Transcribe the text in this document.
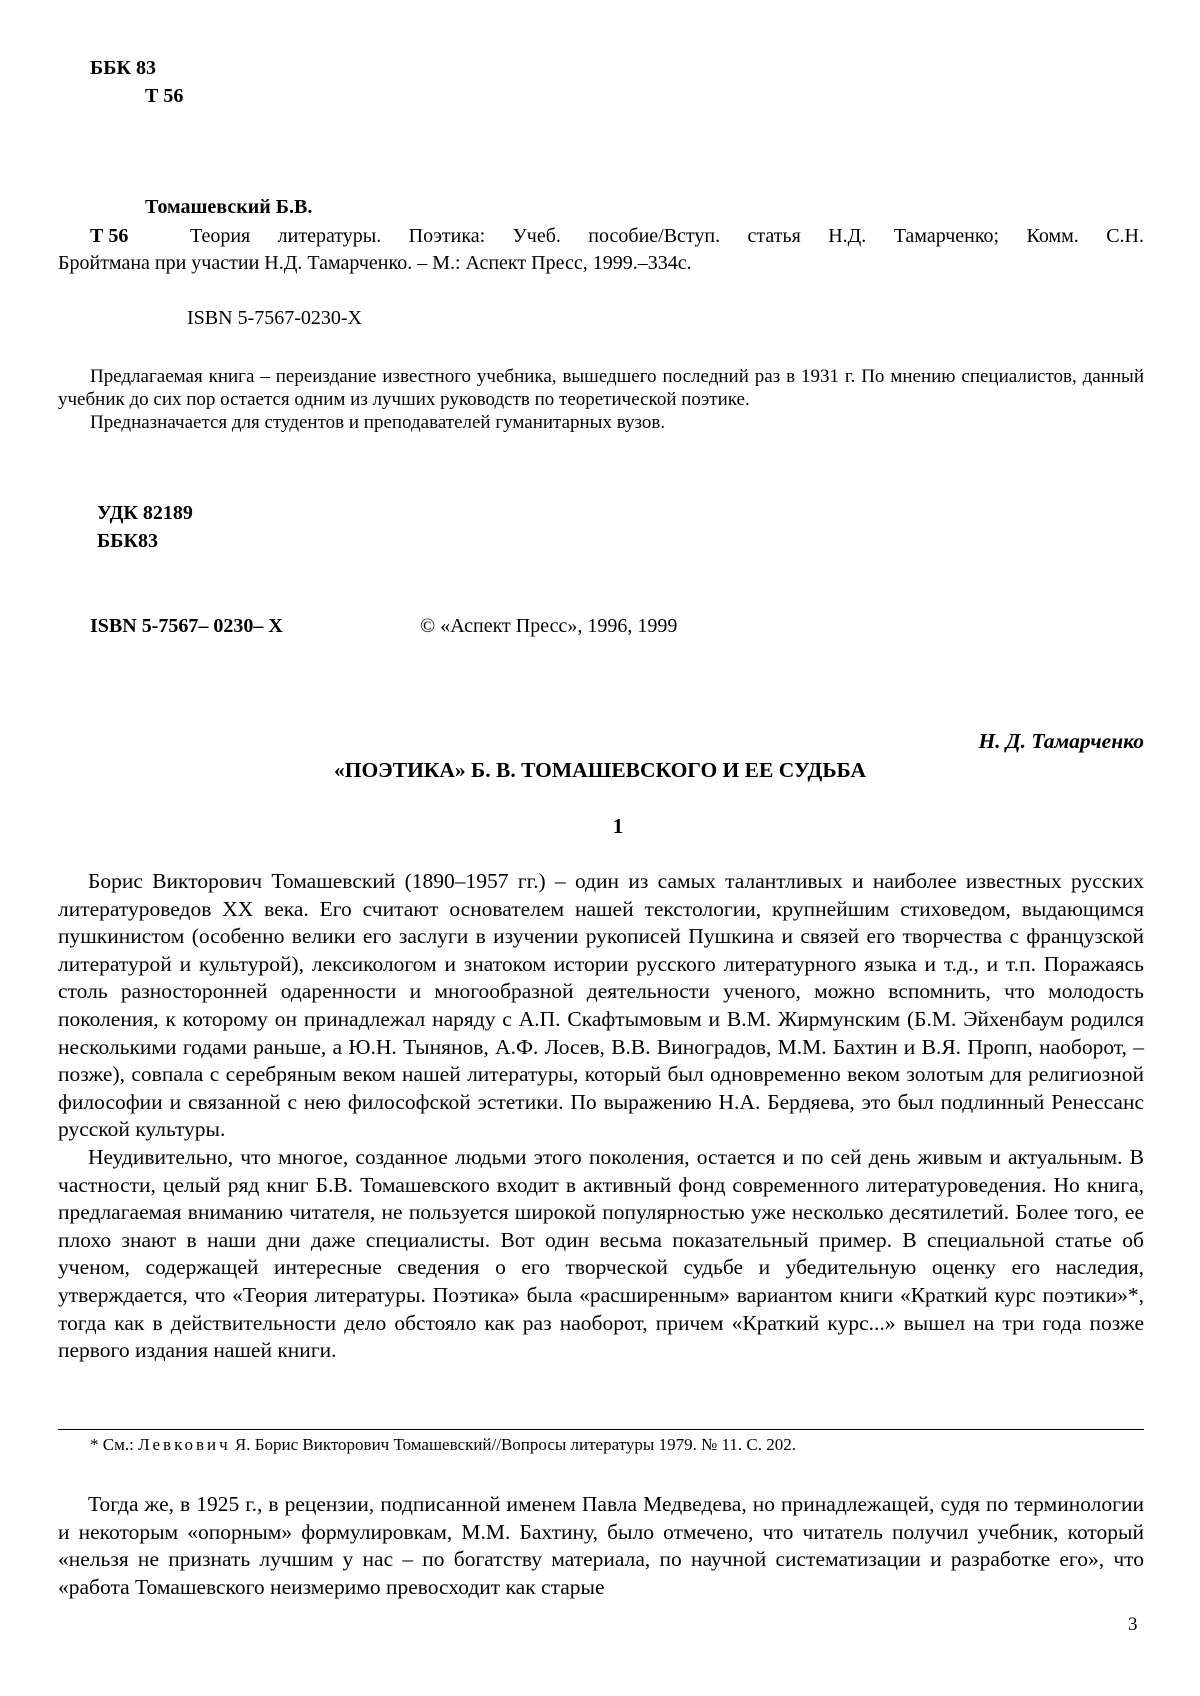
ББК 83
Т 56
Томашевский Б.В.
Т 56	Теория литературы. Поэтика: Учеб. пособие/Вступ. статья Н.Д. Тамарченко; Комм. С.Н.
Бройтмана при участии Н.Д. Тамарченко. – М.: Аспект Пресс, 1999.–334с.
ISBN 5-7567-0230-X

Предлагаемая книга – переиздание известного учебника, вышедшего последний раз в 1931 г. По мнению специалистов, данный учебник до сих пор остается одним из лучших руководств по теоретической поэтике.

Предназначается для студентов и преподавателей гуманитарных вузов.

УДК 82189
ББК83
ISBN 5-7567– 0230– X	© «Аспект Пресс», 1996, 1999
Н. Д. Тамарченко
«ПОЭТИКА» Б. В. ТОМАШЕВСКОГО И ЕЕ СУДЬБА
1

Борис Викторович Томашевский (1890–1957 гг.) – один из самых талантливых и наиболее известных русских литературоведов XX века. Его считают основателем нашей текстологии, крупнейшим стиховедом, выдающимся пушкинистом (особенно велики его заслуги в изучении рукописей Пушкина и связей его творчества с французской литературой и культурой), лексикологом и знатоком истории русского литературного языка и т.д., и т.п. Поражаясь столь разносторонней одаренности и многообразной деятельности ученого, можно вспомнить, что молодость поколения, к которому он принадлежал наряду с А.П. Скафтымовым и В.М. Жирмунским (Б.М. Эйхенбаум родился несколькими годами раньше, а Ю.Н. Тынянов, А.Ф. Лосев, В.В. Виноградов, М.М. Бахтин и В.Я. Пропп, наоборот, – позже), совпала с серебряным веком нашей литературы, который был одновременно веком золотым для религиозной философии и связанной с нею философской эстетики. По выражению Н.А. Бердяева, это был подлинный Ренессанс русской культуры.

Неудивительно, что многое, созданное людьми этого поколения, остается и по сей день живым и актуальным. В частности, целый ряд книг Б.В. Томашевского входит в активный фонд современного литературоведения. Но книга, предлагаемая вниманию читателя, не пользуется широкой популярностью уже несколько десятилетий. Более того, ее плохо знают в наши дни даже специалисты. Вот один весьма показательный пример. В специальной статье об ученом, содержащей интересные сведения о его творческой судьбе и убедительную оценку его наследия, утверждается, что «Теория литературы. Поэтика» была «расширенным» вариантом книги «Краткий курс поэтики»*, тогда как в действительности дело обстояло как раз наоборот, причем «Краткий курс...» вышел на три года позже первого издания нашей книги.

* См.: Левкович Я. Борис Викторович Томашевский//Вопросы литературы 1979. № 11. С. 202.

Тогда же, в 1925 г., в рецензии, подписанной именем Павла Медведева, но принадлежащей, судя по терминологии и некоторым «опорным» формулировкам, М.М. Бахтину, было отмечено, что читатель получил учебник, который «нельзя не признать лучшим у нас – по богатству материала, по научной систематизации и разработке его», что «работа Томашевского неизмеримо превосходит как старые

3
